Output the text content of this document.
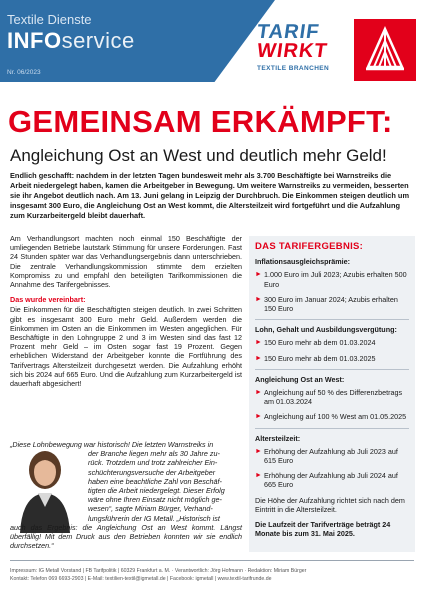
Textile Dienste
INFOservice
Nr. 06/2023
TARIF
WIRKT
TEXTILE BRANCHEN
GEMEINSAM ERKÄMPFT:
Angleichung Ost an West und deutlich mehr Geld!
Endlich geschafft: nachdem in der letzten Tagen bundesweit mehr als 3.700 Beschäftigte bei Warnstreiks die Arbeit niedergelegt haben, kamen die Arbeitgeber in Bewegung. Um weitere Warnstreiks zu vermeiden, besserten sie ihr Angebot deutlich nach. Am 13. Juni gelang in Leipzig der Durchbruch. Die Einkommen steigen deutlich um insgesamt 300 Euro, die Angleichung Ost an West kommt, die Altersteilzeit wird fortgeführt und die Aufzahlung zum Kurzarbeitergeld bleibt dauerhaft.

Am Verhandlungsort machten noch einmal 150 Beschäftigte der umliegenden Betriebe lautstark Stimmung für unsere Forderungen. Fast 24 Stunden später war das Verhandlungsergebnis dann unterschrieben. Die zentrale Verhandlungskommission stimmte dem erzielten Kompromiss zu und empfahl den beteiligten Tarifkommissionen die Annahme des Tarifergebnisses.

Das wurde vereinbart:

Die Einkommen für die Beschäftigten steigen deutlich. In zwei Schritten gibt es insgesamt 300 Euro mehr Geld. Außerdem werden die Einkommen im Osten an die Einkommen im Westen angeglichen. Für Beschäftigte in den Lohngruppe 2 und 3 im Westen sind das fast 12 Prozent mehr Geld – im Osten sogar fast 19 Prozent. Gegen erheblichen Widerstand der Arbeitgeber konnte die Fortführung des Tarifvertrags Altersteilzeit durchgesetzt werden. Die Aufzahlung erhöht sich bis 2024 auf 665 Euro. Und die Aufzahlung zum Kurzarbeitergeld ist dauerhaft abgesichert!

„Diese Lohnbewegung war historisch! Die letzten Warnstreiks in
der Branche liegen mehr als 30 Jahre zu-
rück. Trotzdem und trotz zahlreicher Ein-
schüchterungsversuche der Arbeitgeber
haben eine beachtliche Zahl von Beschäf-
tigten die Arbeit niedergelegt. Dieser Erfolg
wäre ohne Ihren Einsatz nicht möglich ge-
wesen“, sagte Miriam Bürger, Verhand-
lungsführerin der IG Metall. „Historisch ist
auch das Ergebnis: die Angleichung Ost an West kommt. Längst überfällig! Mit dem Druck aus den Betrieben konnten wir sie endlich durchsetzen.“
DAS TARIFERGEBNIS:
Inflationsausgleichsprämie:
► 1.000 Euro im Juli 2023; Azubis erhalten 500 Euro
► 300 Euro im Januar 2024; Azubis erhalten 150 Euro
Lohn, Gehalt und Ausbildungsvergütung:
► 150 Euro mehr ab dem 01.03.2024
► 150 Euro mehr ab dem 01.03.2025
Angleichung Ost an West:
► Angleichung auf 50 % des Differenzbetrags am 01.03.2024
► Angleichung auf 100 % West am 01.05.2025
Altersteilzeit:
► Erhöhung der Aufzahlung ab Juli 2023 auf 615 Euro
► Erhöhung der Aufzahlung ab Juli 2024 auf 665 Euro
Die Höhe der Aufzahlung richtet sich nach dem Eintritt in die Altersteilzeit.
Die Laufzeit der Tarifverträge beträgt 24 Monate bis zum 31. Mai 2025.
Impressum: IG Metall Vorstand | FB Tarifpolitik | 60329 Frankfurt a. M. · Verantwortlich: Jörg Hofmann · Redaktion: Miriam Bürger
Kontakt: Telefon 069 6693-2903 | E-Mail: textilien-textil@igmetall.de | Facebook: igmetall | www.textil-tarifrunde.de
